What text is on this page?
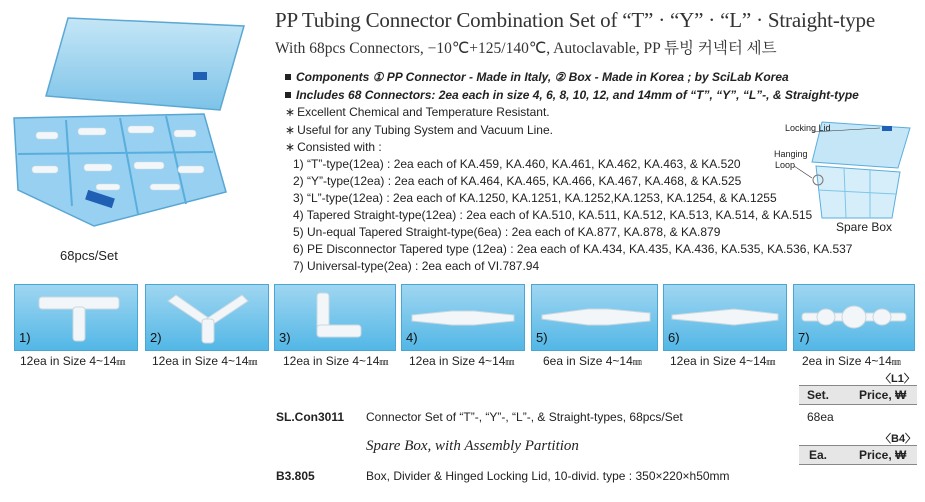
PP Tubing Connector Combination Set of “T” · “Y” · “L” · Straight-type
With 68pcs Connectors, −10℃+125/140℃, Autoclavable, PP 튜빙 커넥터 세트
Components ① PP Connector - Made in Italy, ② Box - Made in Korea ; by SciLab Korea
Includes 68 Connectors: 2ea each in size 4, 6, 8, 10, 12, and 14mm of “T”, “Y”, “L”-, & Straight-type
∗ Excellent Chemical and Temperature Resistant.
∗ Useful for any Tubing System and Vacuum Line.
∗ Consisted with :
1) “T”-type(12ea) : 2ea each of KA.459, KA.460, KA.461, KA.462, KA.463, & KA.520
2) “Y”-type(12ea) : 2ea each of KA.464, KA.465, KA.466, KA.467, KA.468, & KA.525
3) “L”-type(12ea) : 2ea each of KA.1250, KA.1251, KA.1252,KA.1253, KA.1254, & KA.1255
4) Tapered Straight-type(12ea) : 2ea each of KA.510, KA.511, KA.512, KA.513, KA.514, & KA.515
5) Un-equal Tapered Straight-type(6ea) : 2ea each of KA.877, KA.878, & KA.879
6) PE Disconnector Tapered type (12ea) : 2ea each of KA.434, KA.435, KA.436, KA.535, KA.536, KA.537
7) Universal-type(2ea) : 2ea each of VI.787.94
68pcs/Set
Locking Lid
Hanging
Loop
Spare Box
1)	2)	3)	4)	5)	6)	7)
12ea in Size 4~14㎜ 12ea in Size 4~14㎜ 12ea in Size 4~14㎜ 12ea in Size 4~14㎜ 6ea in Size 4~14㎜ 12ea in Size 4~14㎜ 2ea in Size 4~14㎜
〈L1〉
Set. Price, ₩
SL.Con3011 Connector Set of “T”-, “Y”-, “L”-, & Straight-types, 68pcs/Set	68ea
Spare Box, with Assembly Partition	〈B4〉
Ea.	Price, ₩
B3.805	Box, Divider & Hinged Locking Lid, 10-divid. type : 350×220×h50mm
